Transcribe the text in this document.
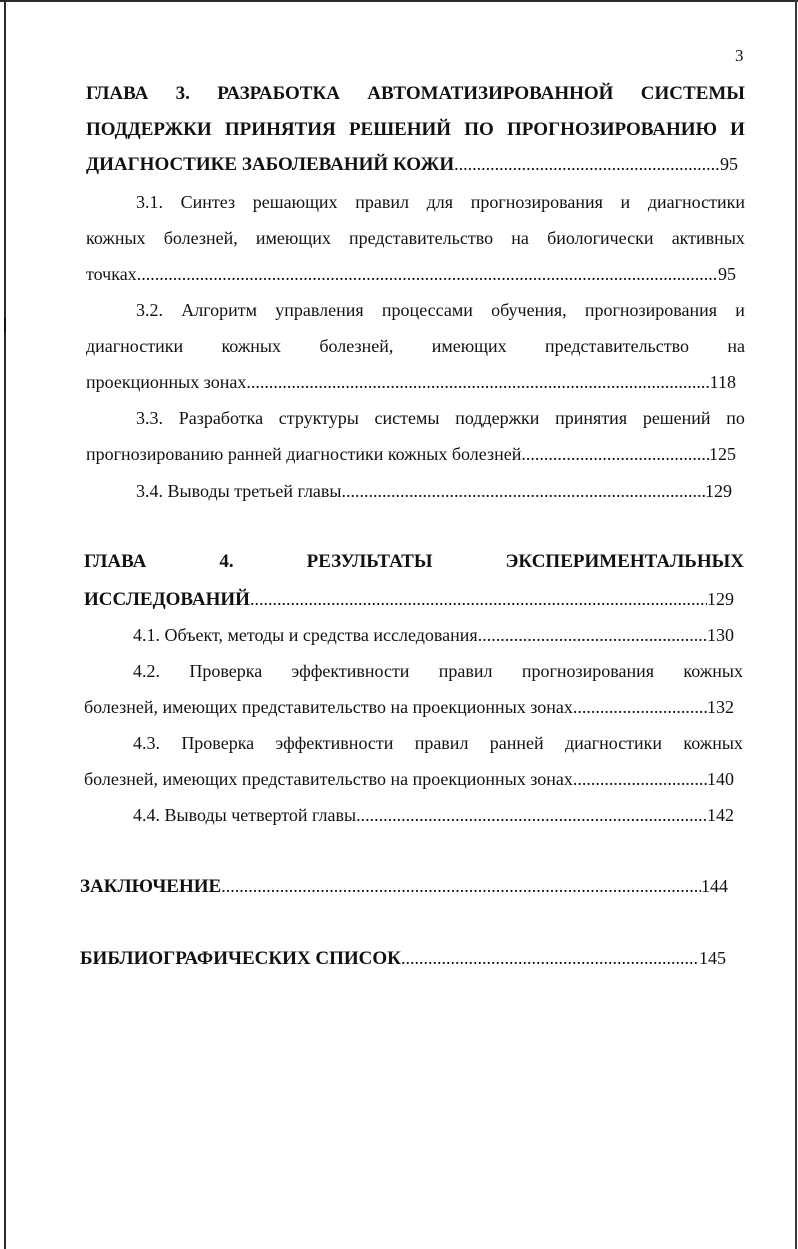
3
ГЛАВА 3. РАЗРАБОТКА АВТОМАТИЗИРОВАННОЙ СИСТЕМЫ
ПОДДЕРЖКИ ПРИНЯТИЯ РЕШЕНИЙ ПО ПРОГНОЗИРОВАНИЮ И
ДИАГНОСТИКЕ ЗАБОЛЕВАНИЙ КОЖИ .....	95
3.1. Синтез решающих правил для прогнозирования и диагностики
кожных болезней, имеющих представительство на биологически активных
точках .....	95
3.2. Алгоритм управления процессами обучения, прогнозирования и
диагностики кожных болезней, имеющих представительство на
проекционных зонах .....	118
3.3. Разработка структуры системы поддержки принятия решений по
прогнозированию ранней диагностики кожных болезней .....	125
3.4. Выводы третьей главы .....	129
ГЛАВА	4.	РЕЗУЛЬТАТЫ	ЭКСПЕРИМЕНТАЛЬНЫХ
ИССЛЕДОВАНИЙ .....	129
4.1. Объект, методы и средства исследования .....	130
4.2. Проверка эффективности правил прогнозирования кожных
болезней, имеющих представительство на проекционных зонах .....	132
4.3. Проверка эффективности правил ранней диагностики кожных
болезней, имеющих представительство на проекционных зонах .....	140
4.4. Выводы четвертой главы .....	142
ЗАКЛЮЧЕНИЕ .....	144
БИБЛИОГРАФИЧЕСКИХ СПИСОК .....	145
